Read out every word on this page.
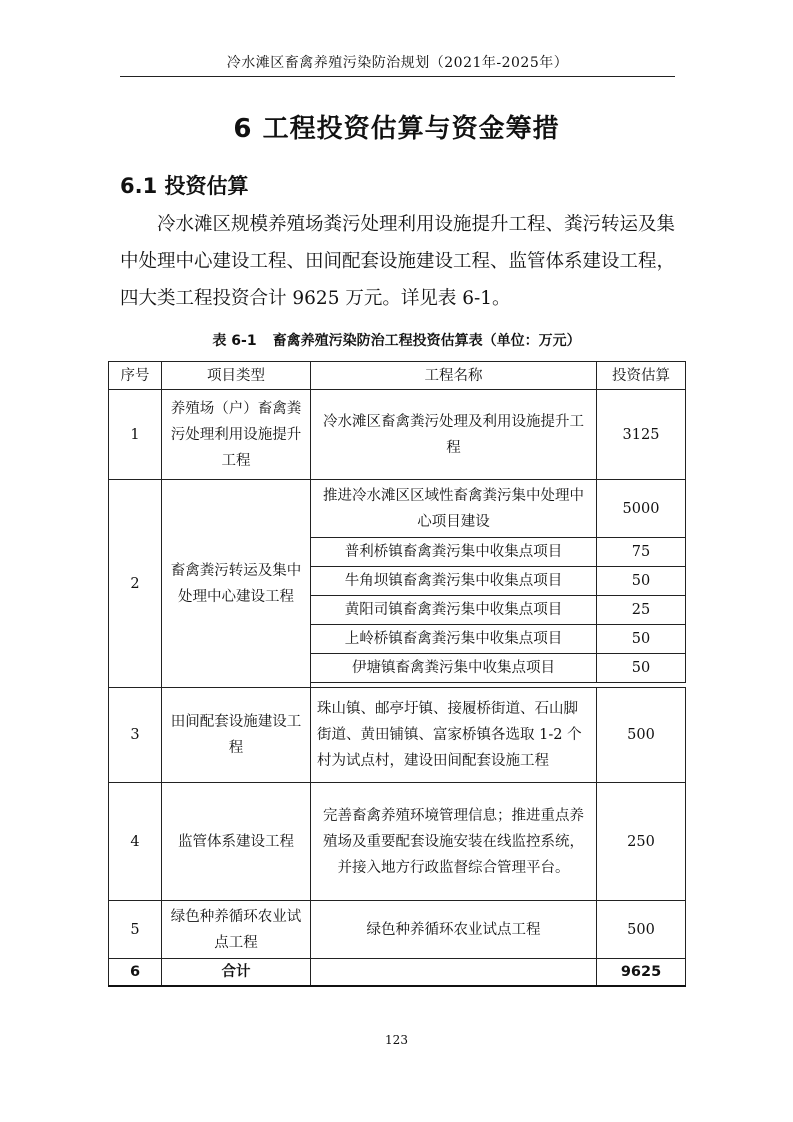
冷水滩区畜禽养殖污染防治规划（2021年-2025年）
6 工程投资估算与资金筹措
6.1 投资估算

冷水滩区规模养殖场粪污处理利用设施提升工程、粪污转运及集中处理中心建设工程、田间配套设施建设工程、监管体系建设工程，四大类工程投资合计 9625 万元。详见表 6-1。

表 6-1 畜禽养殖污染防治工程投资估算表（单位：万元）
序号	项目类型	工程名称	投资估算
1	养殖场（户）畜禽粪污处理利用设施提升工程	冷水滩区畜禽粪污处理及利用设施提升工程	3125
2	畜禽粪污转运及集中处理中心建设工程	推进冷水滩区区域性畜禽粪污集中处理中心项目建设	5000
		普利桥镇畜禽粪污集中收集点项目	75
		牛角坝镇畜禽粪污集中收集点项目	50
		黄阳司镇畜禽粪污集中收集点项目	25
		上岭桥镇畜禽粪污集中收集点项目	50
		伊塘镇畜禽粪污集中收集点项目	50

3	田间配套设施建设工程	珠山镇、邮亭圩镇、接履桥街道、石山脚街道、黄田铺镇、富家桥镇各选取 1-2 个村为试点村，建设田间配套设施工程	500
4	监管体系建设工程	完善畜禽养殖环境管理信息；推进重点养殖场及重要配套设施安装在线监控系统，并接入地方行政监督综合管理平台。	250
5	绿色种养循环农业试点工程	绿色种养循环农业试点工程	500
6	合计		9625
123
